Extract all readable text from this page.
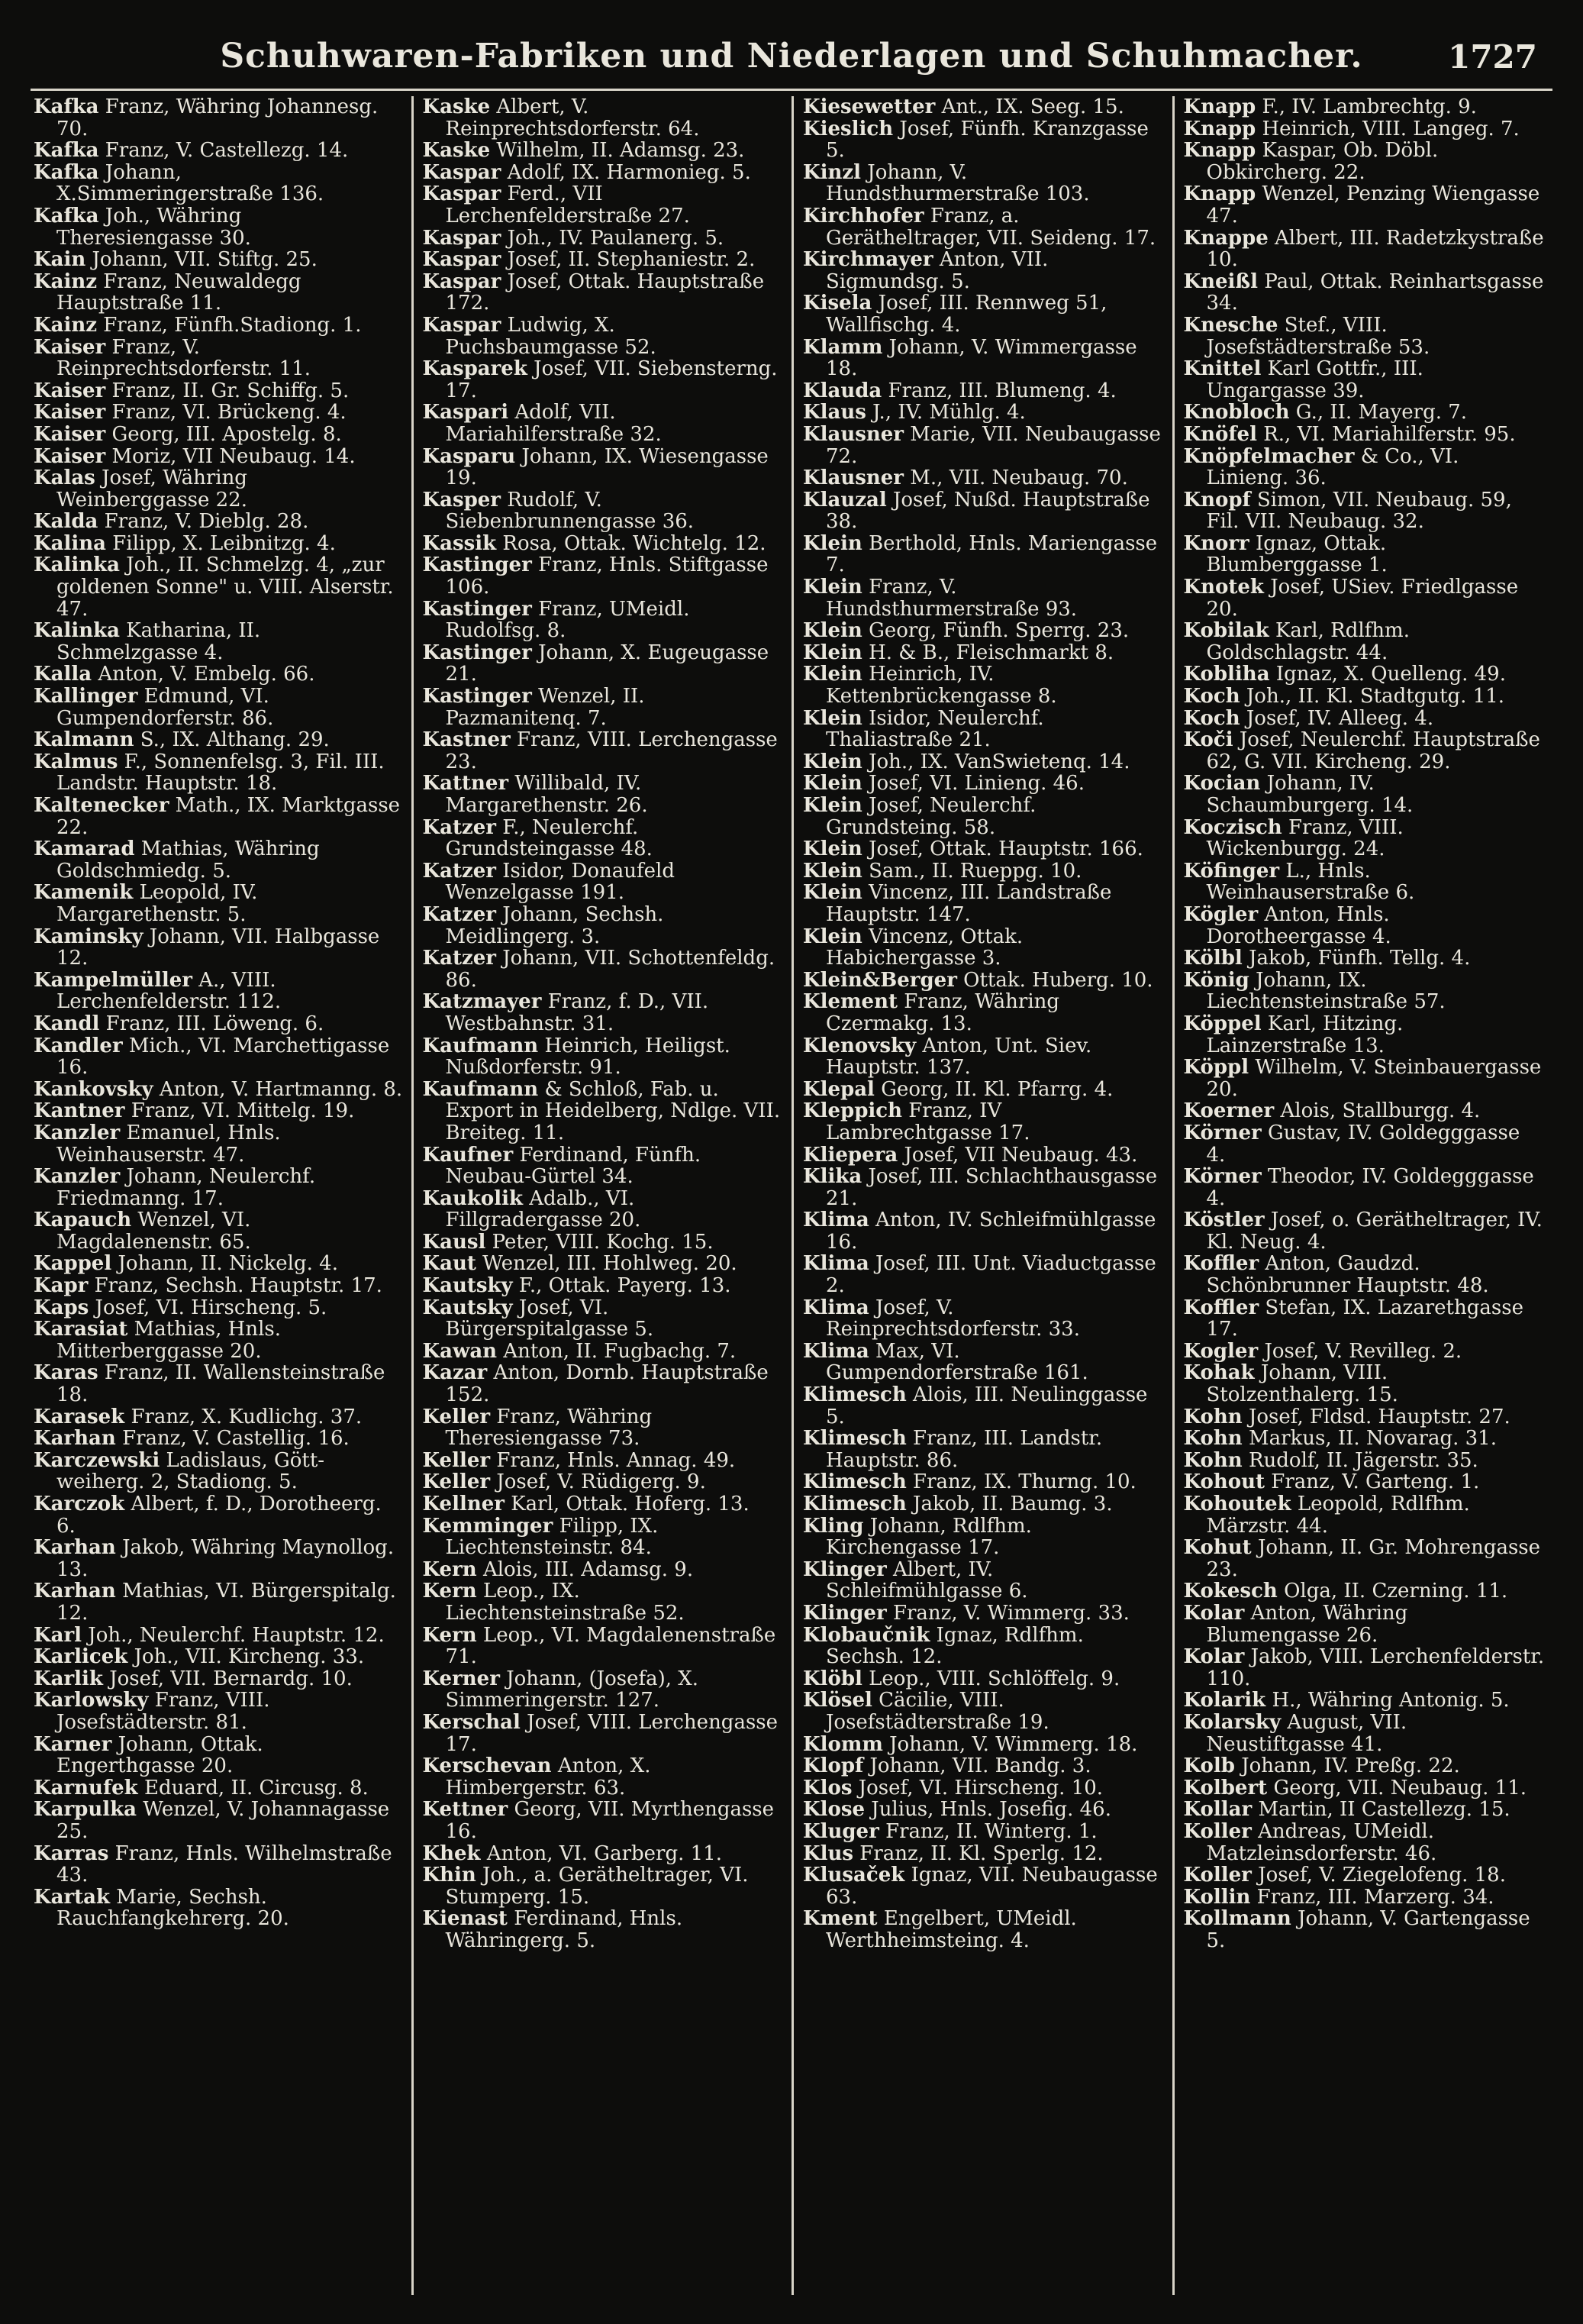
Schuhwaren-Fabriken und Niederlagen und Schuhmacher.	1727
Kafka Franz, Währing Johannesg. 70.
Kafka Franz, V. Castellezg. 14.
Kafka Johann, X.Simmeringerstraße 136.
Kafka Joh., Währing Theresiengasse 30.
Kain Johann, VII. Stiftg. 25.
Kainz Franz, Neuwaldegg Hauptstraße 11.
Kainz Franz, Fünfh.Stadiong. 1.
Kaiser Franz, V. Reinprechtsdorferstr. 11.
Kaiser Franz, II. Gr. Schiffg. 5.
Kaiser Franz, VI. Brückeng. 4.
Kaiser Georg, III. Apostelg. 8.
Kaiser Moriz, VII Neubaug. 14.
Kalas Josef, Währing Weinberggasse 22.
Kalda Franz, V. Dieblg. 28.
Kalina Filipp, X. Leibnitzg. 4.
Kalinka Joh., II. Schmelzg. 4, „zur goldenen Sonne" u. VIII. Alserstr. 47.
Kalinka Katharina, II. Schmelzgasse 4.
Kalla Anton, V. Embelg. 66.
Kallinger Edmund, VI. Gumpendorferstr. 86.
Kalmann S., IX. Althang. 29.
Kalmus F., Sonnenfelsg. 3, Fil. III. Landstr. Hauptstr. 18.
Kaltenecker Math., IX. Marktgasse 22.
Kamarad Mathias, Währing Goldschmiedg. 5.
Kamenik Leopold, IV. Margarethenstr. 5.
Kaminsky Johann, VII. Halbgasse 12.
Kampelmüller A., VIII. Lerchenfelderstr. 112.
Kandl Franz, III. Löweng. 6.
Kandler Mich., VI. Marchettigasse 16.
Kankovsky Anton, V. Hartmanng. 8.
Kantner Franz, VI. Mittelg. 19.
Kanzler Emanuel, Hnls. Weinhauserstr. 47.
Kanzler Johann, Neulerchf. Friedmanng. 17.
Kapauch Wenzel, VI. Magdalenenstr. 65.
Kappel Johann, II. Nickelg. 4.
Kapr Franz, Sechsh. Hauptstr. 17.
Kaps Josef, VI. Hirscheng. 5.
Karasiat Mathias, Hnls. Mitterberggasse 20.
Karas Franz, II. Wallensteinstraße 18.
Karasek Franz, X. Kudlichg. 37.
Karhan Franz, V. Castellig. 16.
Karczewski Ladislaus, Gött- weiherg. 2, Stadiong. 5.
Karczok Albert, f. D., Dorotheerg. 6.
Karhan Jakob, Währing Maynollog. 13.
Karhan Mathias, VI. Bürgerspitalg. 12.
Karl Joh., Neulerchf. Hauptstr. 12.
Karlicek Joh., VII. Kircheng. 33.
Karlik Josef, VII. Bernardg. 10.
Karlowsky Franz, VIII. Josefstädterstr. 81.
Karner Johann, Ottak. Engerthgasse 20.
Karnufek Eduard, II. Circusg. 8.
Karpulka Wenzel, V. Johannagasse 25.
Karras Franz, Hnls. Wilhelmstraße 43.
Kartak Marie, Sechsh. Rauchfangkehrerg. 20.
Kaske Albert, V. Reinprechtsdorferstr. 64.
Kaske Wilhelm, II. Adamsg. 23.
Kaspar Adolf, IX. Harmonieg. 5.
Kaspar Ferd., VII Lerchenfelderstraße 27.
Kaspar Joh., IV. Paulanerg. 5.
Kaspar Josef, II. Stephaniestr. 2.
Kaspar Josef, Ottak. Hauptstraße 172.
Kaspar Ludwig, X. Puchsbaumgasse 52.
Kasparek Josef, VII. Siebensterng. 17.
Kaspari Adolf, VII. Mariahilferstraße 32.
Kasparu Johann, IX. Wiesengasse 19.
Kasper Rudolf, V. Siebenbrunnengasse 36.
Kassik Rosa, Ottak. Wichtelg. 12.
Kastinger Franz, Hnls. Stiftgasse 106.
Kastinger Franz, UMeidl. Rudolfsg. 8.
Kastinger Johann, X. Eugeugasse 21.
Kastinger Wenzel, II. Pazmanitenq. 7.
Kastner Franz, VIII. Lerchengasse 23.
Kattner Willibald, IV. Margarethenstr. 26.
Katzer F., Neulerchf. Grundsteingasse 48.
Katzer Isidor, Donaufeld Wenzelgasse 191.
Katzer Johann, Sechsh. Meidlingerg. 3.
Katzer Johann, VII. Schottenfeldg. 86.
Katzmayer Franz, f. D., VII. Westbahnstr. 31.
Kaufmann Heinrich, Heiligst. Nußdorferstr. 91.
Kaufmann & Schloß, Fab. u. Export in Heidelberg, Ndlge. VII. Breiteg. 11.
Kaufner Ferdinand, Fünfh. Neubau-Gürtel 34.
Kaukolik Adalb., VI. Fillgradergasse 20.
Kausl Peter, VIII. Kochg. 15.
Kaut Wenzel, III. Hohlweg. 20.
Kautsky F., Ottak. Payerg. 13.
Kautsky Josef, VI. Bürgerspitalgasse 5.
Kawan Anton, II. Fugbachg. 7.
Kazar Anton, Dornb. Hauptstraße 152.
Keller Franz, Währing Theresiengasse 73.
Keller Franz, Hnls. Annag. 49.
Keller Josef, V. Rüdigerg. 9.
Kellner Karl, Ottak. Hoferg. 13.
Kemminger Filipp, IX. Liechtensteinstr. 84.
Kern Alois, III. Adamsg. 9.
Kern Leop., IX. Liechtensteinstraße 52.
Kern Leop., VI. Magdalenenstraße 71.
Kerner Johann, (Josefa), X. Simmeringerstr. 127.
Kerschal Josef, VIII. Lerchengasse 17.
Kerschevan Anton, X. Himbergerstr. 63.
Kettner Georg, VII. Myrthengasse 16.
Khek Anton, VI. Garberg. 11.
Khin Joh., a. Gerätheltrager, VI. Stumperg. 15.
Kienast Ferdinand, Hnls. Währingerg. 5.
Kiesewetter Ant., IX. Seeg. 15.
Kieslich Josef, Fünfh. Kranzgasse 5.
Kinzl Johann, V. Hundsthurmerstraße 103.
Kirchhofer Franz, a. Gerätheltrager, VII. Seideng. 17.
Kirchmayer Anton, VII. Sigmundsg. 5.
Kisela Josef, III. Rennweg 51, Wallfischg. 4.
Klamm Johann, V. Wimmergasse 18.
Klauda Franz, III. Blumeng. 4.
Klaus J., IV. Mühlg. 4.
Klausner Marie, VII. Neubaugasse 72.
Klausner M., VII. Neubaug. 70.
Klauzal Josef, Nußd. Hauptstraße 38.
Klein Berthold, Hnls. Mariengasse 7.
Klein Franz, V. Hundsthurmerstraße 93.
Klein Georg, Fünfh. Sperrg. 23.
Klein H. & B., Fleischmarkt 8.
Klein Heinrich, IV. Kettenbrückengasse 8.
Klein Isidor, Neulerchf. Thaliastraße 21.
Klein Joh., IX. VanSwietenq. 14.
Klein Josef, VI. Linieng. 46.
Klein Josef, Neulerchf. Grundsteing. 58.
Klein Josef, Ottak. Hauptstr. 166.
Klein Sam., II. Rueppg. 10.
Klein Vincenz, III. Landstraße Hauptstr. 147.
Klein Vincenz, Ottak. Habichergasse 3.
Klein&Berger Ottak. Huberg. 10.
Klement Franz, Währing Czermakg. 13.
Klenovsky Anton, Unt. Siev. Hauptstr. 137.
Klepal Georg, II. Kl. Pfarrg. 4.
Kleppich Franz, IV Lambrechtgasse 17.
Kliepera Josef, VII Neubaug. 43.
Klika Josef, III. Schlachthausgasse 21.
Klima Anton, IV. Schleifmühlgasse 16.
Klima Josef, III. Unt. Viaductgasse 2.
Klima Josef, V. Reinprechtsdorferstr. 33.
Klima Max, VI. Gumpendorferstraße 161.
Klimesch Alois, III. Neulinggasse 5.
Klimesch Franz, III. Landstr. Hauptstr. 86.
Klimesch Franz, IX. Thurng. 10.
Klimesch Jakob, II. Baumg. 3.
Kling Johann, Rdlfhm. Kirchengasse 17.
Klinger Albert, IV. Schleifmühlgasse 6.
Klinger Franz, V. Wimmerg. 33.
Klobaučnik Ignaz, Rdlfhm. Sechsh. 12.
Klöbl Leop., VIII. Schlöffelg. 9.
Klösel Cäcilie, VIII. Josefstädterstraße 19.
Klomm Johann, V. Wimmerg. 18.
Klopf Johann, VII. Bandg. 3.
Klos Josef, VI. Hirscheng. 10.
Klose Julius, Hnls. Josefig. 46.
Kluger Franz, II. Winterg. 1.
Klus Franz, II. Kl. Sperlg. 12.
Klusaček Ignaz, VII. Neubaugasse 63.
Kment Engelbert, UMeidl. Werthheimsteing. 4.
Knapp F., IV. Lambrechtg. 9.
Knapp Heinrich, VIII. Langeg. 7.
Knapp Kaspar, Ob. Döbl. Obkircherg. 22.
Knapp Wenzel, Penzing Wiengasse 47.
Knappe Albert, III. Radetzkystraße 10.
Kneißl Paul, Ottak. Reinhartsgasse 34.
Knesche Stef., VIII. Josefstädterstraße 53.
Knittel Karl Gottfr., III. Ungargasse 39.
Knobloch G., II. Mayerg. 7.
Knöfel R., VI. Mariahilferstr. 95.
Knöpfelmacher & Co., VI. Linieng. 36.
Knopf Simon, VII. Neubaug. 59, Fil. VII. Neubaug. 32.
Knorr Ignaz, Ottak. Blumberggasse 1.
Knotek Josef, USiev. Friedlgasse 20.
Kobilak Karl, Rdlfhm. Goldschlagstr. 44.
Kobliha Ignaz, X. Quelleng. 49.
Koch Joh., II. Kl. Stadtgutg. 11.
Koch Josef, IV. Alleeg. 4.
Koči Josef, Neulerchf. Hauptstraße 62, G. VII. Kircheng. 29.
Kocian Johann, IV. Schaumburgerg. 14.
Koczisch Franz, VIII. Wickenburgg. 24.
Köfinger L., Hnls. Weinhauserstraße 6.
Kögler Anton, Hnls. Dorotheergasse 4.
Kölbl Jakob, Fünfh. Tellg. 4.
König Johann, IX. Liechtensteinstraße 57.
Köppel Karl, Hitzing. Lainzerstraße 13.
Köppl Wilhelm, V. Steinbauergasse 20.
Koerner Alois, Stallburgg. 4.
Körner Gustav, IV. Goldegggasse 4.
Körner Theodor, IV. Goldegggasse 4.
Köstler Josef, o. Gerätheltrager, IV. Kl. Neug. 4.
Koffler Anton, Gaudzd. Schönbrunner Hauptstr. 48.
Koffler Stefan, IX. Lazarethgasse 17.
Kogler Josef, V. Revilleg. 2.
Kohak Johann, VIII. Stolzenthalerg. 15.
Kohn Josef, Fldsd. Hauptstr. 27.
Kohn Markus, II. Novarag. 31.
Kohn Rudolf, II. Jägerstr. 35.
Kohout Franz, V. Garteng. 1.
Kohoutek Leopold, Rdlfhm. Märzstr. 44.
Kohut Johann, II. Gr. Mohrengasse 23.
Kokesch Olga, II. Czerning. 11.
Kolar Anton, Währing Blumengasse 26.
Kolar Jakob, VIII. Lerchenfelderstr. 110.
Kolarik H., Währing Antonig. 5.
Kolarsky August, VII. Neustiftgasse 41.
Kolb Johann, IV. Preßg. 22.
Kolbert Georg, VII. Neubaug. 11.
Kollar Martin, II Castellezg. 15.
Koller Andreas, UMeidl. Matzleinsdorferstr. 46.
Koller Josef, V. Ziegelofeng. 18.
Kollin Franz, III. Marzerg. 34.
Kollmann Johann, V. Gartengasse 5.
